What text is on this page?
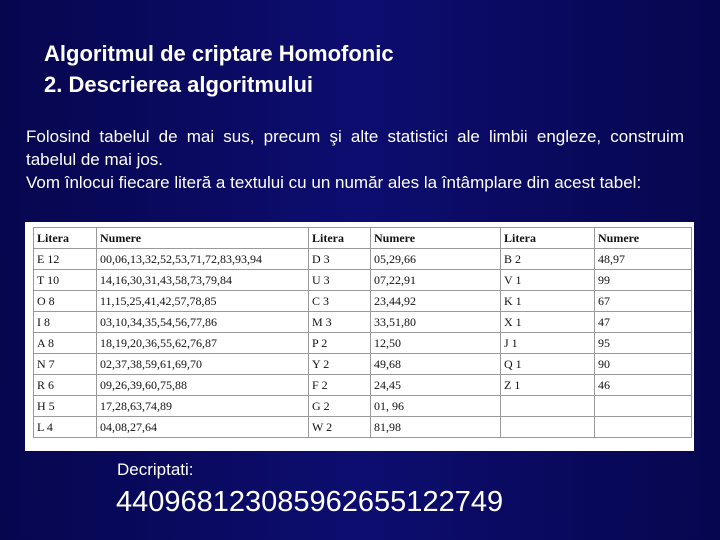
Algoritmul de criptare Homofonic
2. Descrierea algoritmului

Folosind tabelul de mai sus, precum şi alte statistici ale limbii engleze, construim tabelul de mai jos.

Vom înlocui fiecare literă a textului cu un număr ales la întâmplare din acest tabel:

Litera	Numere	Litera	Numere	Litera	Numere
E 12	00,06,13,32,52,53,71,72,83,93,94	D 3	05,29,66	B 2	48,97
T 10	14,16,30,31,43,58,73,79,84	U 3	07,22,91	V 1	99
O 8	11,15,25,41,42,57,78,85	C 3	23,44,92	K 1	67
I 8	03,10,34,35,54,56,77,86	M 3	33,51,80	X 1	47
A 8	18,19,20,36,55,62,76,87	P 2	12,50	J 1	95
N 7	02,37,38,59,61,69,70	Y 2	49,68	Q 1	90
R 6	09,26,39,60,75,88	F 2	24,45	Z 1	46
H 5	17,28,63,74,89	G 2	01, 96		
L 4	04,08,27,64	W 2	81,98		
Decriptati:
44096812308596265512274​9
